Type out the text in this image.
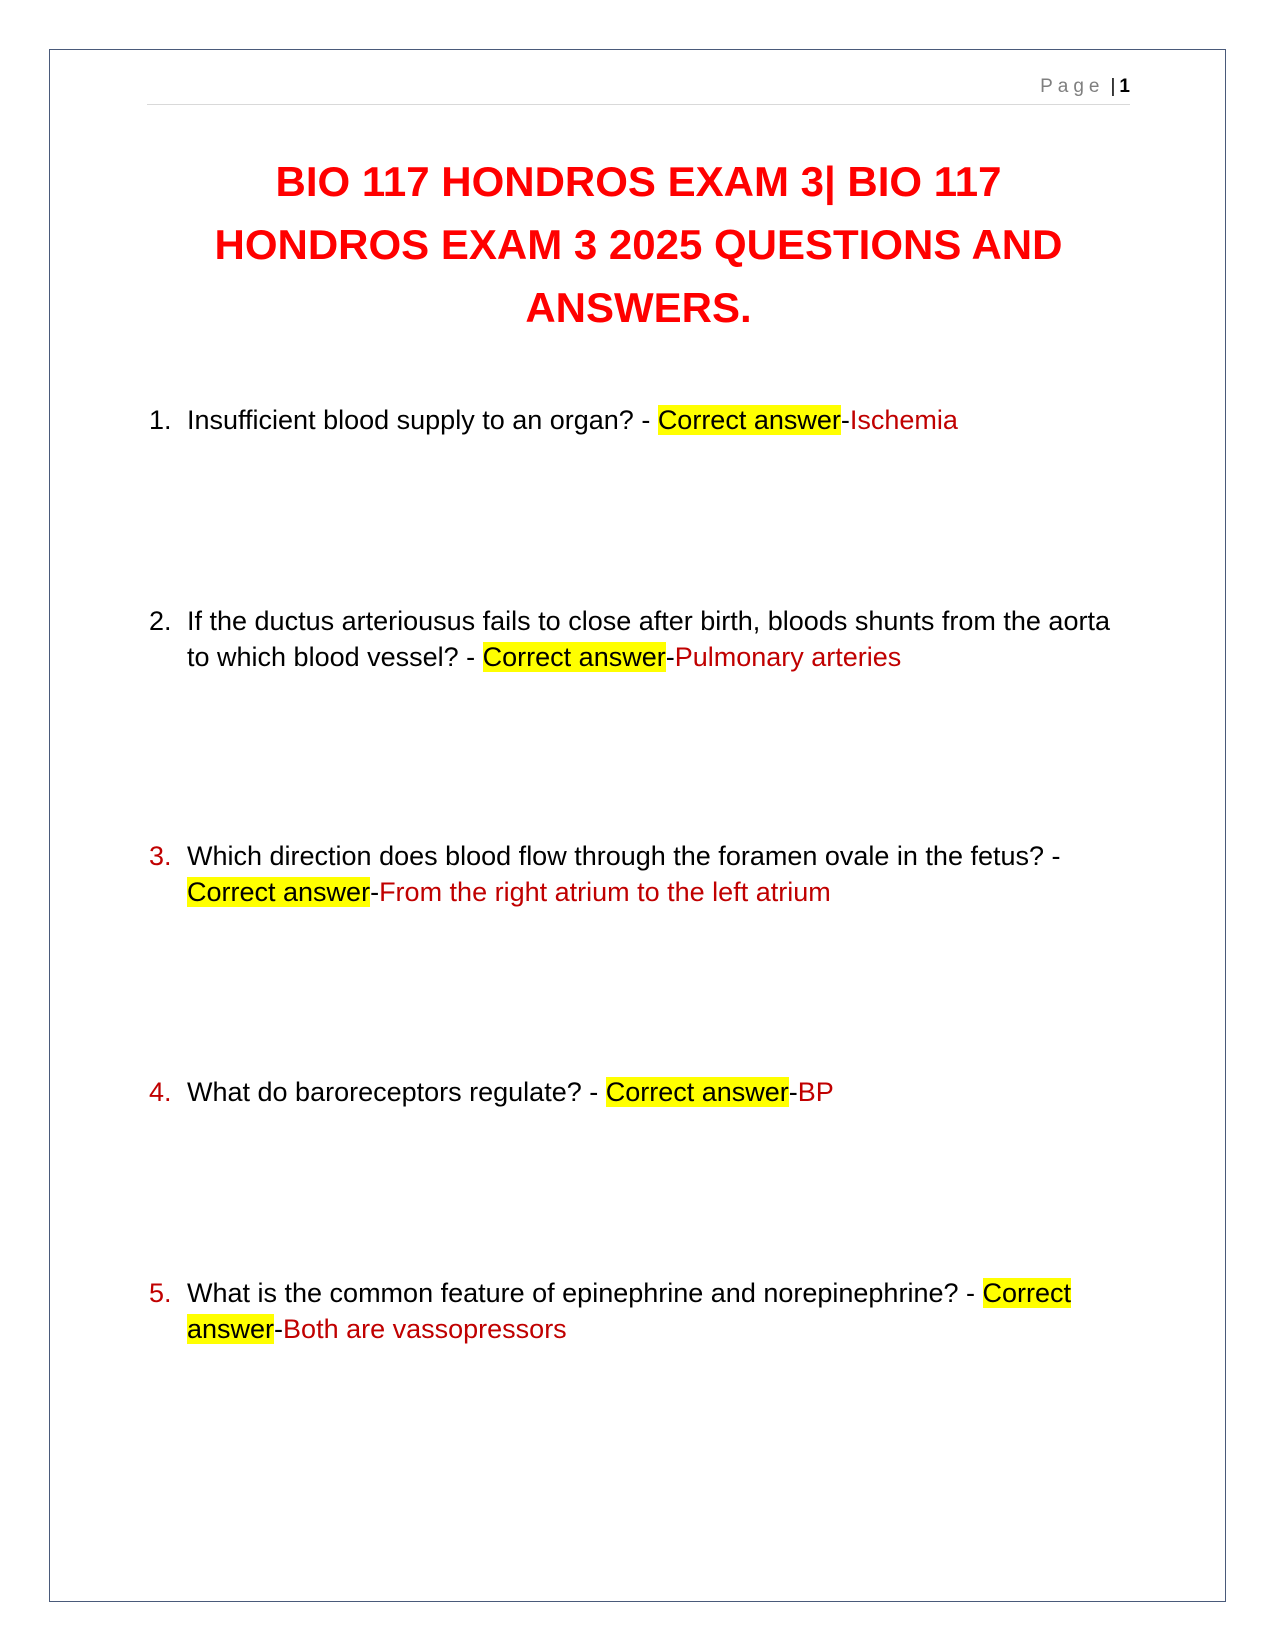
Page | 1
BIO 117 HONDROS EXAM 3| BIO 117
HONDROS EXAM 3 2025 QUESTIONS AND
ANSWERS.
1. Insufficient blood supply to an organ? - Correct answer-Ischemia
2. If the ductus arteriousus fails to close after birth, bloods shunts from the aorta to which blood vessel? - Correct answer-Pulmonary arteries
3. Which direction does blood flow through the foramen ovale in the fetus? - Correct answer-From the right atrium to the left atrium
4. What do baroreceptors regulate? - Correct answer-BP
5. What is the common feature of epinephrine and norepinephrine? - Correct answer-Both are vassopressors
